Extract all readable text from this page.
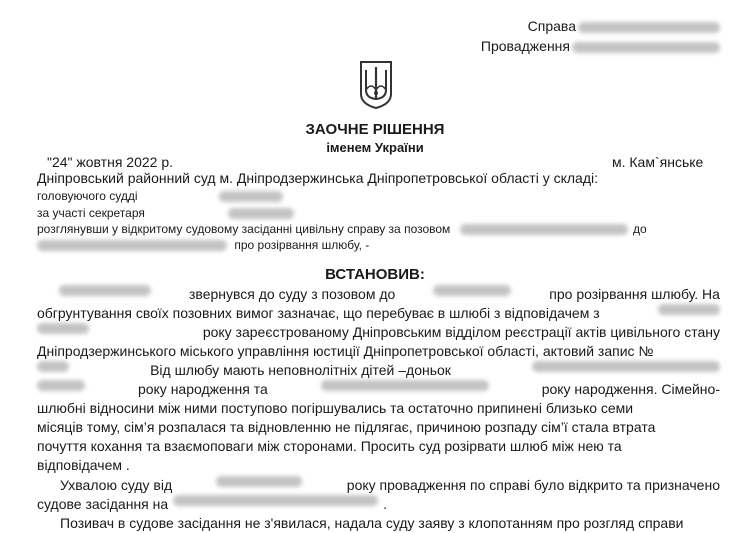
Справа
Провадження
ЗАОЧНЕ РІШЕННЯ
іменем України
"24" жовтня 2022 р.	м. Кам`янське
Дніпровський районний суд м. Дніпродзержинська Дніпропетровської області у складі:
головуючого судді
за участі секретаря
розглянувши у відкритому судовому засіданні цивільну справу за позовом	до
про розірвання шлюбу, -
ВСТАНОВИВ:
звернувся до суду з позовом до	про розірвання шлюбу. На
обгрунтування своїх позовних вимог зазначає, що перебуває в шлюбі з відповідачем з
року зареєстрованому Дніпровським відділом реєстрації актів цивільного стану
Дніпродзержинського міського управління юстиції Дніпропетровської області, актовий запис №
Від шлюбу мають неповнолітніх дітей –доньок
року народження та	року народження. Сімейно-
шлюбні відносини між ними поступово погіршувались та остаточно припинені близько семи
місяців тому, сім’я розпалася та відновленню не підлягає, причиною розпаду сім’ї стала втрата
почуття кохання та взаємоповаги між сторонами. Просить суд розірвати шлюб між нею та
відповідачем .
Ухвалою суду від	року провадження по справі було відкрито та призначено
судове засідання на	.
Позивач в судове засідання не з'явилася, надала суду заяву з клопотанням про розгляд справи
